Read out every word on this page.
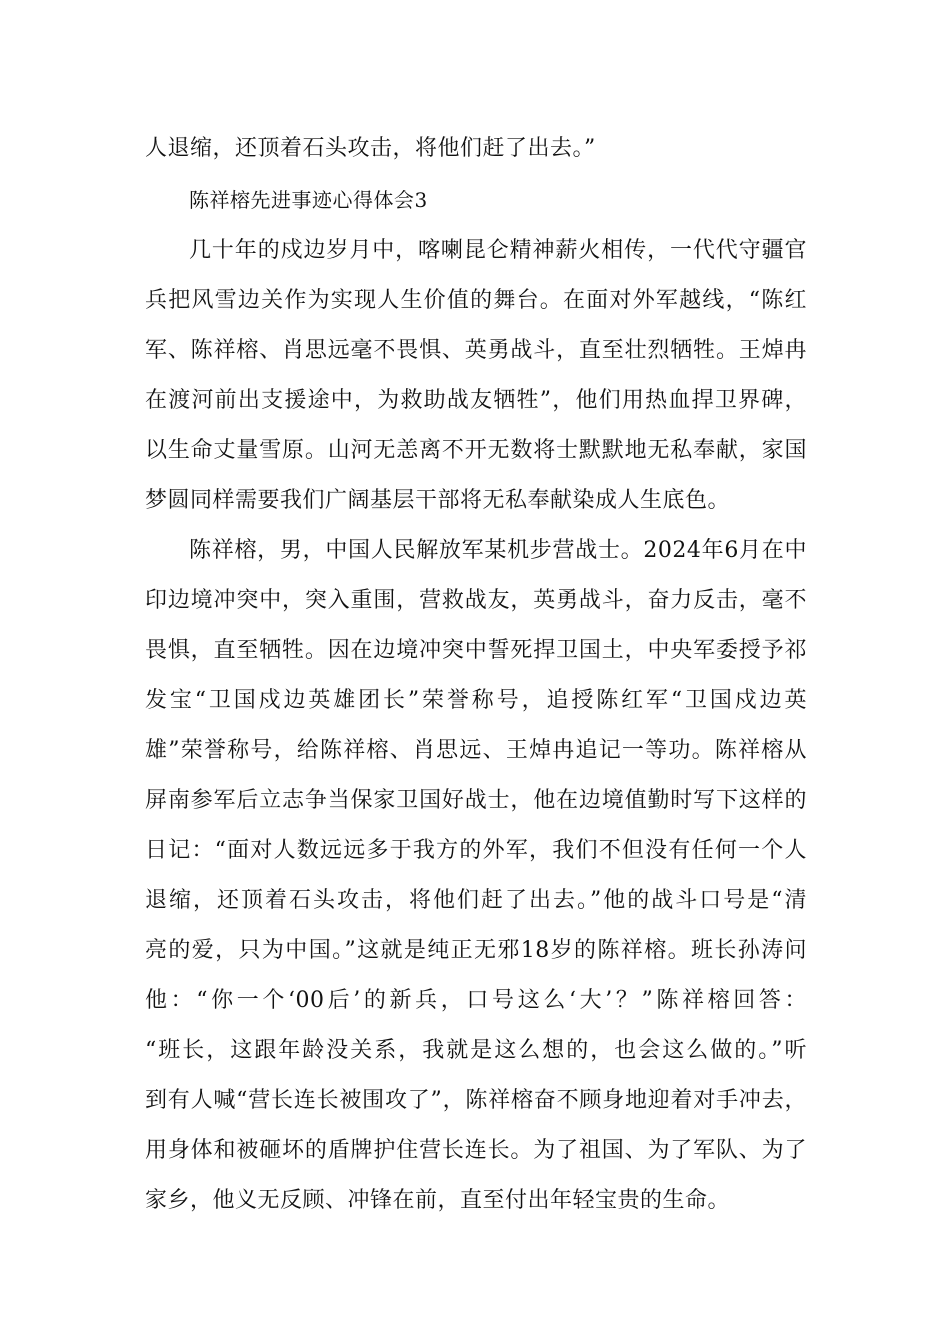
人退缩，还顶着石头攻击，将他们赶了出去。”
陈祥榕先进事迹心得体会3
几十年的戍边岁月中，喀喇昆仑精神薪火相传，一代代守疆官
兵把风雪边关作为实现人生价值的舞台。在面对外军越线，“陈红
军、陈祥榕、肖思远毫不畏惧、英勇战斗，直至壮烈牺牲。王焯冉
在渡河前出支援途中，为救助战友牺牲”，他们用热血捍卫界碑，
以生命丈量雪原。山河无恙离不开无数将士默默地无私奉献，家国
梦圆同样需要我们广阔基层干部将无私奉献染成人生底色。
陈祥榕，男，中国人民解放军某机步营战士。2024年6月在中
印边境冲突中，突入重围，营救战友，英勇战斗，奋力反击，毫不
畏惧，直至牺牲。因在边境冲突中誓死捍卫国土，中央军委授予祁
发宝“卫国戍边英雄团长”荣誉称号，追授陈红军“卫国戍边英
雄”荣誉称号，给陈祥榕、肖思远、王焯冉追记一等功。陈祥榕从
屏南参军后立志争当保家卫国好战士，他在边境值勤时写下这样的
日记：“面对人数远远多于我方的外军，我们不但没有任何一个人
退缩，还顶着石头攻击，将他们赶了出去。”他的战斗口号是“清
亮的爱，只为中国。”这就是纯正无邪18岁的陈祥榕。班长孙涛问
他：“你一个‘00后’的新兵，口号这么‘大’？”陈祥榕回答：
“班长，这跟年龄没关系，我就是这么想的，也会这么做的。”听
到有人喊“营长连长被围攻了”，陈祥榕奋不顾身地迎着对手冲去，
用身体和被砸坏的盾牌护住营长连长。为了祖国、为了军队、为了
家乡，他义无反顾、冲锋在前，直至付出年轻宝贵的生命。
